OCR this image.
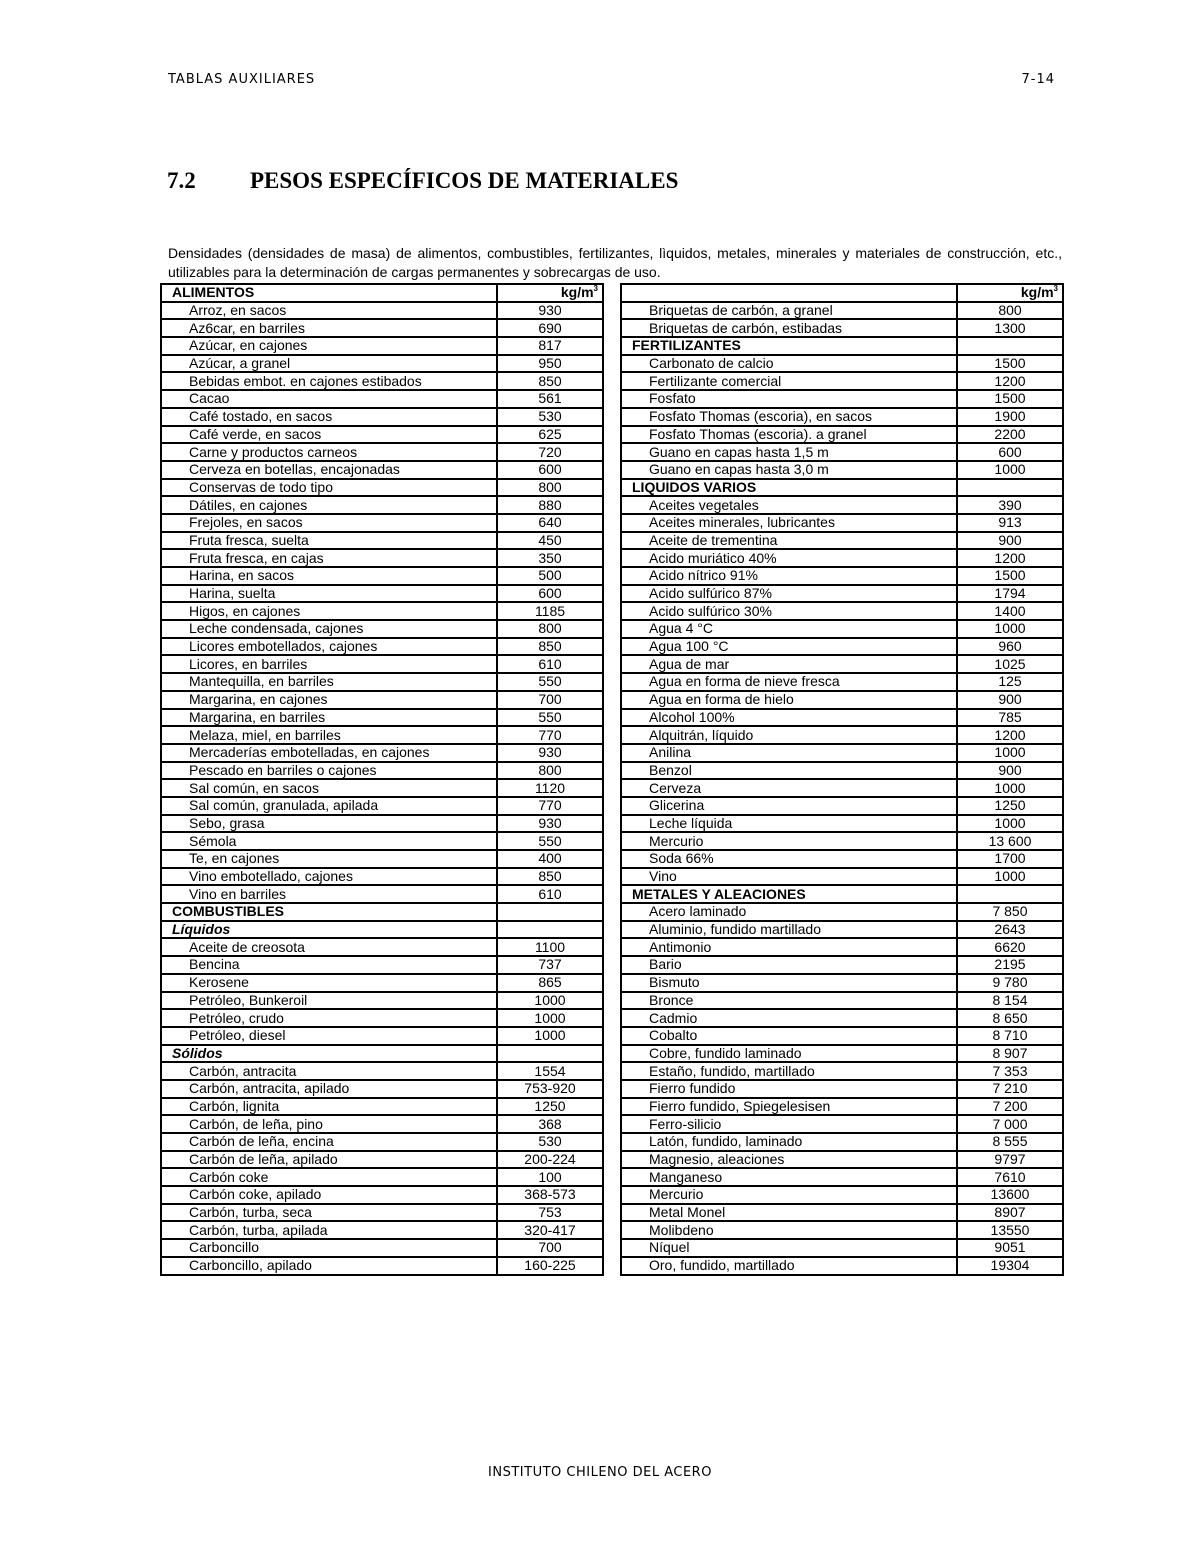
TABLAS AUXILIARES	7-14
7.2	PESOS ESPECÍFICOS DE MATERIALES

Densidades (densidades de masa) de alimentos, combustibles, fertilizantes, lìquidos, metales, minerales y materiales de construcción, etc., utilizables para la determinación de cargas permanentes y sobrecargas de uso.

ALIMENTOS	$kg/m^3$
Arroz, en sacos	930
Az6car, en barriles	690
Azúcar, en cajones	817
Azúcar, a granel	950
Bebidas embot. en cajones estibados	850
Cacao	561
Café tostado, en sacos	530
Café verde, en sacos	625
Carne y productos carneos	720
Cerveza en botellas, encajonadas	600
Conservas de todo tipo	800
Dátiles, en cajones	880
Frejoles, en sacos	640
Fruta fresca, suelta	450
Fruta fresca, en cajas	350
Harina, en sacos	500
Harina, suelta	600
Higos, en cajones	1185
Leche condensada, cajones	800
Licores embotellados, cajones	850
Licores, en barriles	610
Mantequilla, en barriles	550
Margarina, en cajones	700
Margarina, en barriles	550
Melaza, miel, en barriles	770
Mercaderías embotelladas, en cajones	930
Pescado en barriles o cajones	800
Sal común, en sacos	1120
Sal común, granulada, apilada	770
Sebo, grasa	930
Sémola	550
Te, en cajones	400
Vino embotellado, cajones	850
Vino en barriles	610
COMBUSTIBLES	
Líquidos	
Aceite de creosota	1100
Bencina	737
Kerosene	865
Petróleo, Bunkeroil	1000
Petróleo, crudo	1000
Petróleo, diesel	1000
Sólidos	
Carbón, antracita	1554
Carbón, antracita, apilado	753-920
Carbón, lignita	1250
Carbón, de leña, pino	368
Carbón de leña, encina	530
Carbón de leña, apilado	200-224
Carbón coke	100
Carbón coke, apilado	368-573
Carbón, turba, seca	753
Carbón, turba, apilada	320-417
Carboncillo	700
Carboncillo, apilado	160-225
	$kg/m^3$
Briquetas de carbón, a granel	800
Briquetas de carbón, estibadas	1300
FERTILIZANTES	
Carbonato de calcio	1500
Fertilizante comercial	1200
Fosfato	1500
Fosfato Thomas (escoria), en sacos	1900
Fosfato Thomas (escoria). a granel	2200
Guano en capas hasta 1,5 m	600
Guano en capas hasta 3,0 m	1000
LIQUIDOS VARIOS	
Aceites vegetales	390
Aceites minerales, lubricantes	913
Aceite de trementina	900
Acido muriático 40%	1200
Acido nítrico 91%	1500
Acido sulfúrico 87%	1794
Acido sulfúrico 30%	1400
Agua 4 °C	1000
Agua 100 °C	960
Agua de mar	1025
Agua en forma de nieve fresca	125
Agua en forma de hielo	900
Alcohol 100%	785
Alquitrán, líquido	1200
Anilina	1000
Benzol	900
Cerveza	1000
Glicerina	1250
Leche líquida	1000
Mercurio	13 600
Soda 66%	1700
Vino	1000
METALES Y ALEACIONES	
Acero laminado	7 850
Aluminio, fundido martillado	2643
Antimonio	6620
Bario	2195
Bismuto	9 780
Bronce	8 154
Cadmio	8 650
Cobalto	8 710
Cobre, fundido laminado	8 907
Estaño, fundido, martillado	7 353
Fierro fundido	7 210
Fierro fundido, Spiegelesisen	7 200
Ferro-silicio	7 000
Latón, fundido, laminado	8 555
Magnesio, aleaciones	9797
Manganeso	7610
Mercurio	13600
Metal Monel	8907
Molibdeno	13550
Níquel	9051
Oro, fundido, martillado	19304
INSTITUTO CHILENO DEL ACERO
